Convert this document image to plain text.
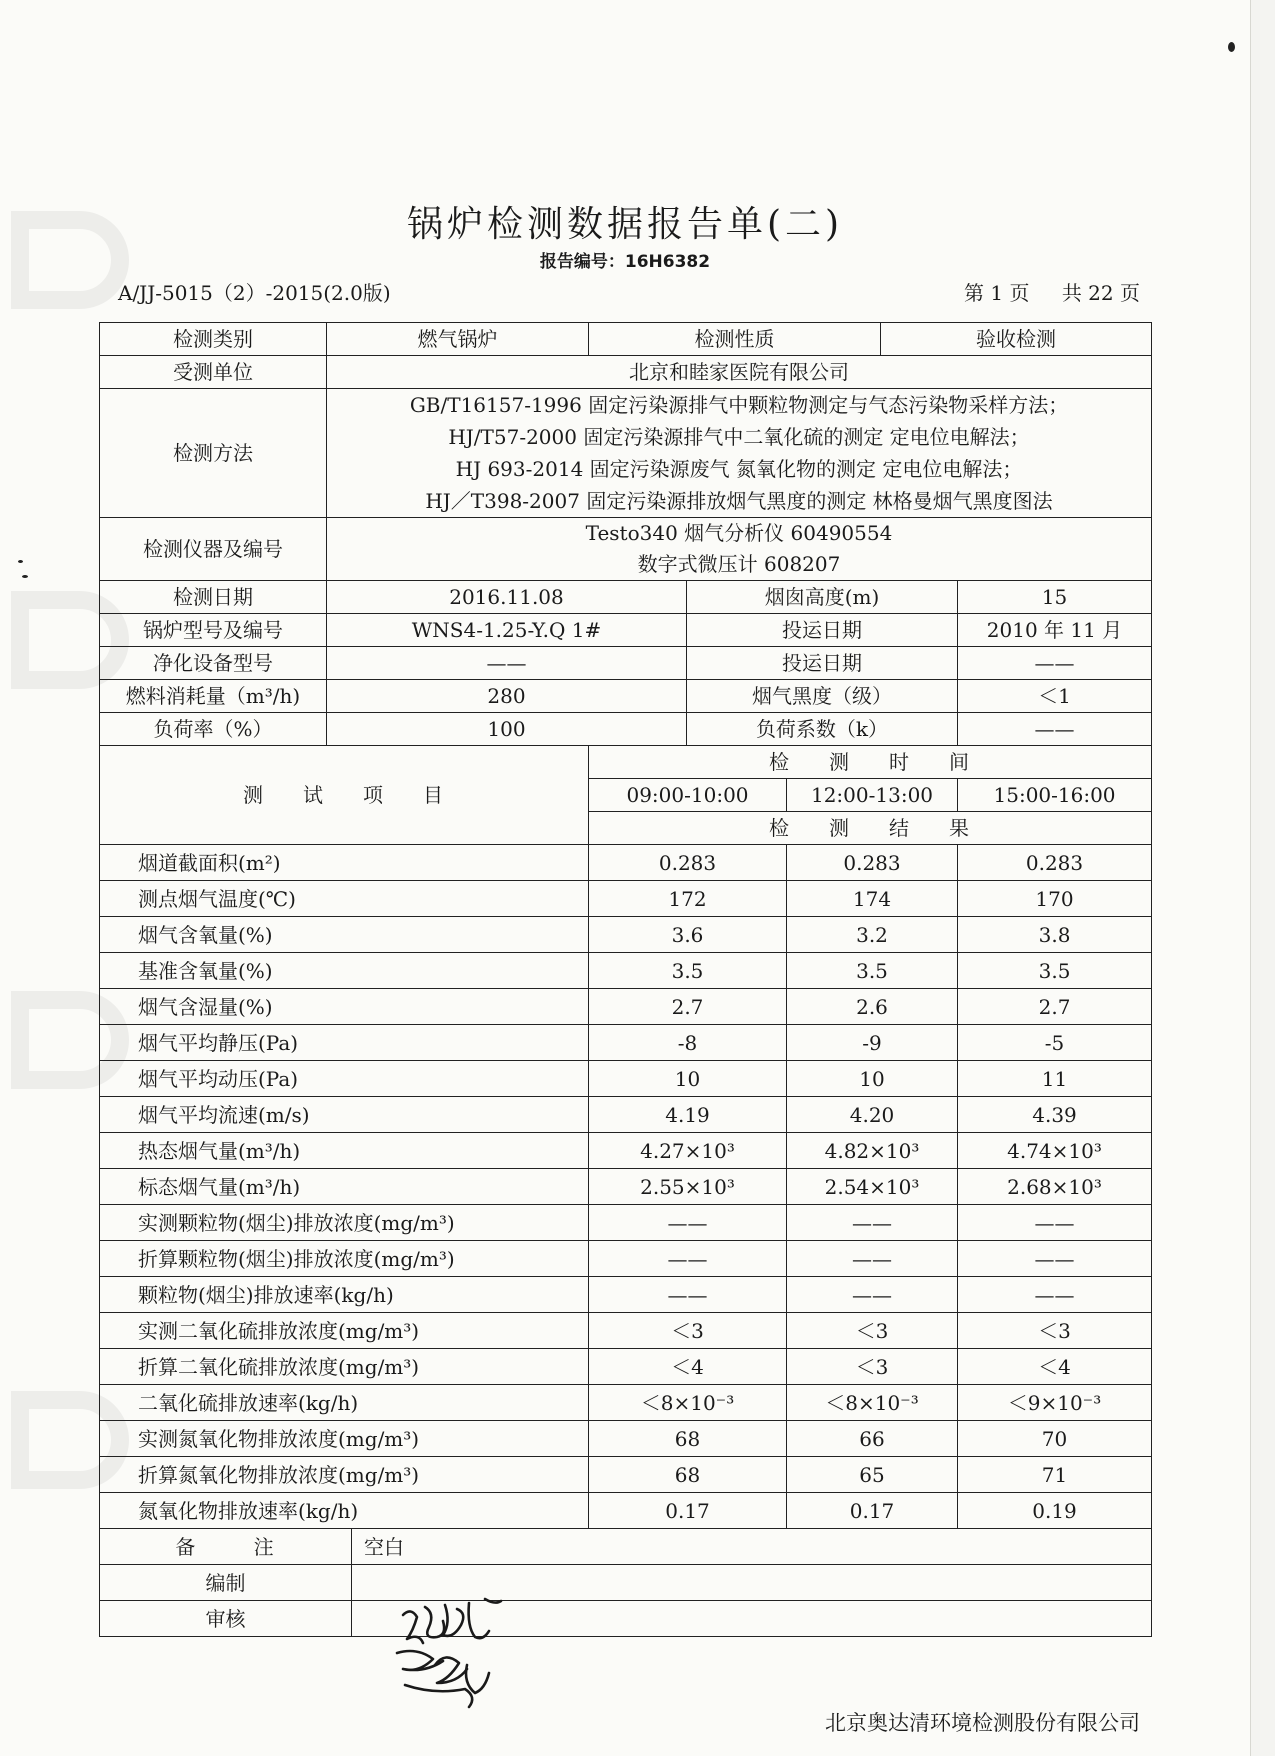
锅炉检测数据报告单(二)
报告编号：16H6382
A/JJ-5015（2）-2015(2.0版)	第 1 页 共 22 页
检测类别	燃气锅炉		检测性质			验收检测	
受测单位	北京和睦家医院有限公司						
检测方法	GB/T16157-1996 固定污染源排气中颗粒物测定与气态污染物采样方法；
HJ/T57-2000 固定污染源排气中二氧化硫的测定 定电位电解法；
HJ 693-2014 固定污染源废气 氮氧化物的测定 定电位电解法；
HJ／T398-2007 固定污染源排放烟气黑度的测定 林格曼烟气黑度图法						

检测仪器及编号	Testo340 烟气分析仪 60490554
数字式微压计 608207						

检测日期	2016.11.08			烟囱高度(m)			15
锅炉型号及编号	WNS4-1.25-Y.Q 1#			投运日期			2010 年 11 月
净化设备型号	——			投运日期			——
燃料消耗量（m³/h)	280			烟气黑度（级）			＜1
负荷率（%）	100			负荷系数（k）			——
测试项目			检测时间				
			09:00-10:00		12:00-13:00		15:00-16:00
			检测结果				
烟道截面积(m²)			0.283		0.283		0.283
测点烟气温度(℃)			172		174		170
烟气含氧量(%)			3.6		3.2		3.8
基准含氧量(%)			3.5		3.5		3.5
烟气含湿量(%)			2.7		2.6		2.7
烟气平均静压(Pa)			-8		-9		-5
烟气平均动压(Pa)			10		10		11
烟气平均流速(m/s)			4.19		4.20		4.39
热态烟气量(m³/h)			4.27×10³		4.82×10³		4.74×10³
标态烟气量(m³/h)			2.55×10³		2.54×10³		2.68×10³
实测颗粒物(烟尘)排放浓度(mg/m³)			——		——		——
折算颗粒物(烟尘)排放浓度(mg/m³)			——		——		——
颗粒物(烟尘)排放速率(kg/h)			——		——		——
实测二氧化硫排放浓度(mg/m³)			＜3		＜3		＜3
折算二氧化硫排放浓度(mg/m³)			＜4		＜3		＜4
二氧化硫排放速率(kg/h)			＜8×10⁻³		＜8×10⁻³		＜9×10⁻³
实测氮氧化物排放浓度(mg/m³)			68		66		70
折算氮氧化物排放浓度(mg/m³)			68		65		71
氮氧化物排放速率(kg/h)			0.17		0.17		0.19
备 注		空白					
编制							
审核							
北京奥达清环境检测股份有限公司
